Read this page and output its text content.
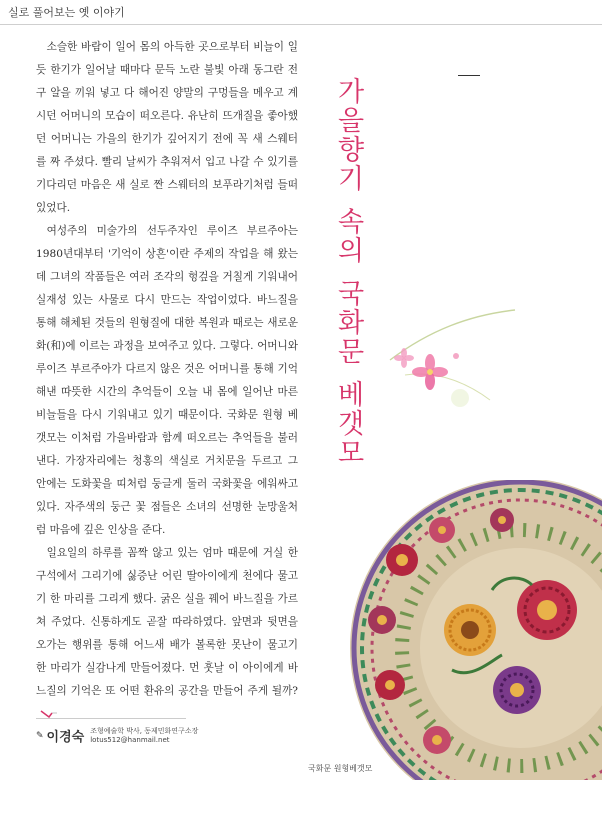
실로 풀어보는 옛 이야기

소슬한 바람이 일어 몸의 아득한 곳으로부터 비늘이 일듯 한기가 일어날 때마다 문득 노란 불빛 아래 동그란 전구 알을 끼워 넣고 다 해어진 양말의 구멍들을 메우고 계시던 어머니의 모습이 떠오른다. 유난히 뜨개질을 좋아했던 어머니는 가을의 한기가 깊어지기 전에 꼭 새 스웨터를 짜 주셨다. 빨리 날씨가 추워져서 입고 나갈 수 있기를 기다리던 마음은 새 실로 짠 스웨터의 보푸라기처럼 들떠 있었다.

여성주의 미술가의 선두주자인 루이즈 부르주아는 1980년대부터 '기억이 상흔'이란 주제의 작업을 해 왔는데 그녀의 작품들은 여러 조각의 헝겊을 거칠게 기워내어 실재성 있는 사물로 다시 만드는 작업이었다. 바느질을 통해 해체된 것들의 원형질에 대한 복원과 때로는 새로운 화(和)에 이르는 과정을 보여주고 있다. 그렇다. 어머니와 루이즈 부르주아가 다르지 않은 것은 어머니를 통해 기억해낸 따뜻한 시간의 추억들이 오늘 내 몸에 일어난 마른 비늘들을 다시 기워내고 있기 때문이다. 국화문 원형 베갯모는 이처럼 가을바람과 함께 떠오르는 추억들을 불러낸다. 가장자리에는 청홍의 색실로 거치문을 두르고 그 안에는 도화꽃을 띠처럼 둥글게 둘러 국화꽃을 에워싸고 있다. 자주색의 둥근 꽃 점들은 소녀의 선명한 눈망울처럼 마음에 깊은 인상을 준다.

일요일의 하루를 꼼짝 않고 있는 엄마 때문에 거실 한구석에서 그리기에 싫증난 어린 딸아이에게 천에다 물고기 한 마리를 그리게 했다. 굵은 실을 꿰어 바느질을 가르쳐 주었다. 신통하게도 곧잘 따라하였다. 앞면과 뒷면을 오가는 행위를 통해 어느새 배가 볼록한 못난이 물고기 한 마리가 실감나게 만들어졌다. 먼 훗날 이 아이에게 바느질의 기억은 또 어떤 환유의 공간을 만들어 주게 될까?

가
을
향
기
속
의
국
화
문
베
갯
모
✎ 이경숙 조형예술학 박사, 동제민화연구소장
lotus512@hanmail.net
국화문 원형베갯모
